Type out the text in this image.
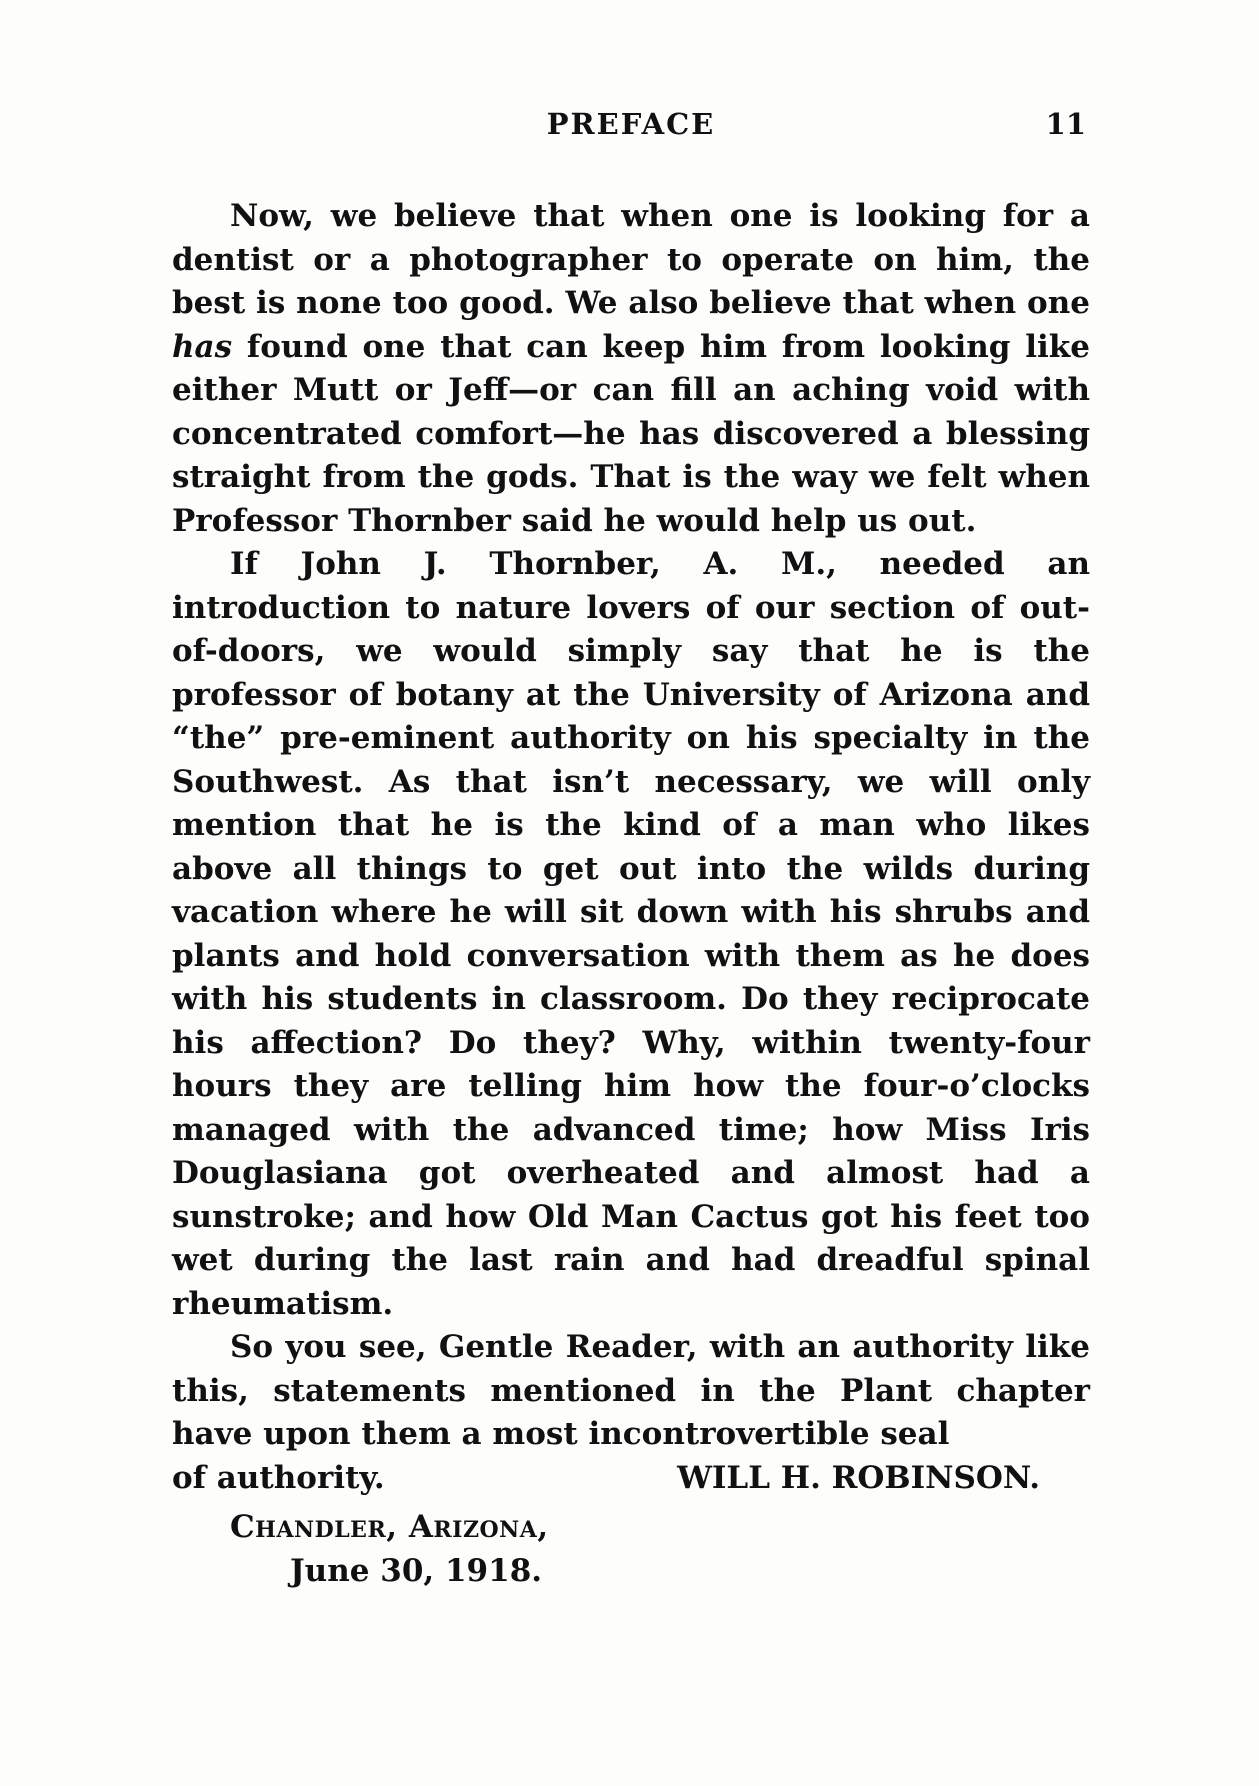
PREFACE	11

Now, we believe that when one is looking for a dentist or a photographer to operate on him, the best is none too good. We also believe that when one has found one that can keep him from looking like either Mutt or Jeff—or can fill an aching void with concentrated comfort—he has discovered a blessing straight from the gods. That is the way we felt when Professor Thornber said he would help us out.

If John J. Thornber, A. M., needed an introduction to nature lovers of our section of out-of-doors, we would simply say that he is the professor of botany at the University of Arizona and “the” pre-eminent authority on his specialty in the Southwest. As that isn’t necessary, we will only mention that he is the kind of a man who likes above all things to get out into the wilds during vacation where he will sit down with his shrubs and plants and hold conversation with them as he does with his students in classroom. Do they reciprocate his affection? Do they? Why, within twenty-four hours they are telling him how the four-o’clocks managed with the advanced time; how Miss Iris Douglasiana got overheated and almost had a sunstroke; and how Old Man Cactus got his feet too wet during the last rain and had dreadful spinal rheumatism.

So you see, Gentle Reader, with an authority like this, statements mentioned in the Plant chapter have upon them a most incontrovertible seal

of authority.	WILL H. ROBINSON.
Chandler, Arizona,
June 30, 1918.
